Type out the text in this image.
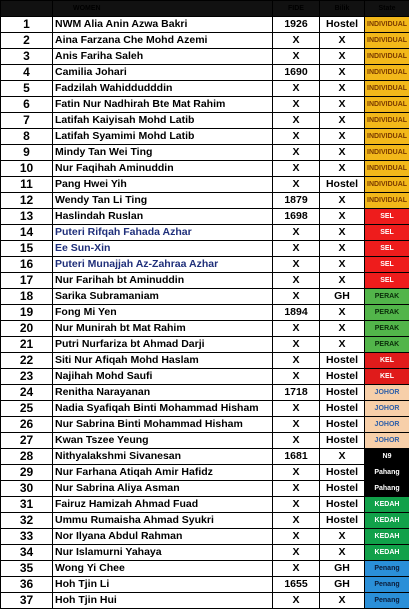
	WOMEN	FIDE	Bilik	State
1	NWM Alia Anin Azwa Bakri	1926	Hostel	INDIVIDUAL
2	Aina Farzana Che Mohd Azemi	X	X	INDIVIDUAL
3	Anis Fariha Saleh	X	X	INDIVIDUAL
4	Camilia Johari	1690	X	INDIVIDUAL
5	Fadzilah Wahiddudddin	X	X	INDIVIDUAL
6	Fatin Nur Nadhirah Bte Mat Rahim	X	X	INDIVIDUAL
7	Latifah Kaiyisah Mohd Latib	X	X	INDIVIDUAL
8	Latifah Syamimi Mohd Latib	X	X	INDIVIDUAL
9	Mindy Tan Wei Ting	X	X	INDIVIDUAL
10	Nur Faqihah Aminuddin	X	X	INDIVIDUAL
11	Pang Hwei Yih	X	Hostel	INDIVIDUAL
12	Wendy Tan Li Ting	1879	X	INDIVIDUAL
13	Haslindah Ruslan	1698	X	SEL
14	Puteri Rifqah Fahada Azhar	X	X	SEL
15	Ee Sun-Xin	X	X	SEL
16	Puteri Munajjah Az-Zahraa Azhar	X	X	SEL
17	Nur Farihah bt Aminuddin	X	X	SEL
18	Sarika Subramaniam	X	GH	PERAK
19	Fong Mi Yen	1894	X	PERAK
20	Nur Munirah bt Mat Rahim	X	X	PERAK
21	Putri Nurfariza bt Ahmad Darji	X	X	PERAK
22	Siti Nur Afiqah Mohd Haslam	X	Hostel	KEL
23	Najihah Mohd Saufi	X	Hostel	KEL
24	Renitha Narayanan	1718	Hostel	JOHOR
25	Nadia Syafiqah Binti Mohammad Hisham	X	Hostel	JOHOR
26	Nur Sabrina Binti Mohammad Hisham	X	Hostel	JOHOR
27	Kwan Tszee Yeung	X	Hostel	JOHOR
28	Nithyalakshmi Sivanesan	1681	X	N9
29	Nur Farhana Atiqah Amir Hafidz	X	Hostel	Pahang
30	Nur Sabrina Aliya Asman	X	Hostel	Pahang
31	Fairuz Hamizah Ahmad Fuad	X	Hostel	KEDAH
32	Ummu Rumaisha Ahmad Syukri	X	Hostel	KEDAH
33	Nor Ilyana Abdul Rahman	X	X	KEDAH
34	Nur Islamurni Yahaya	X	X	KEDAH
35	Wong Yi Chee	X	GH	Penang
36	Hoh Tjin Li	1655	GH	Penang
37	Hoh Tjin Hui	X	X	Penang
